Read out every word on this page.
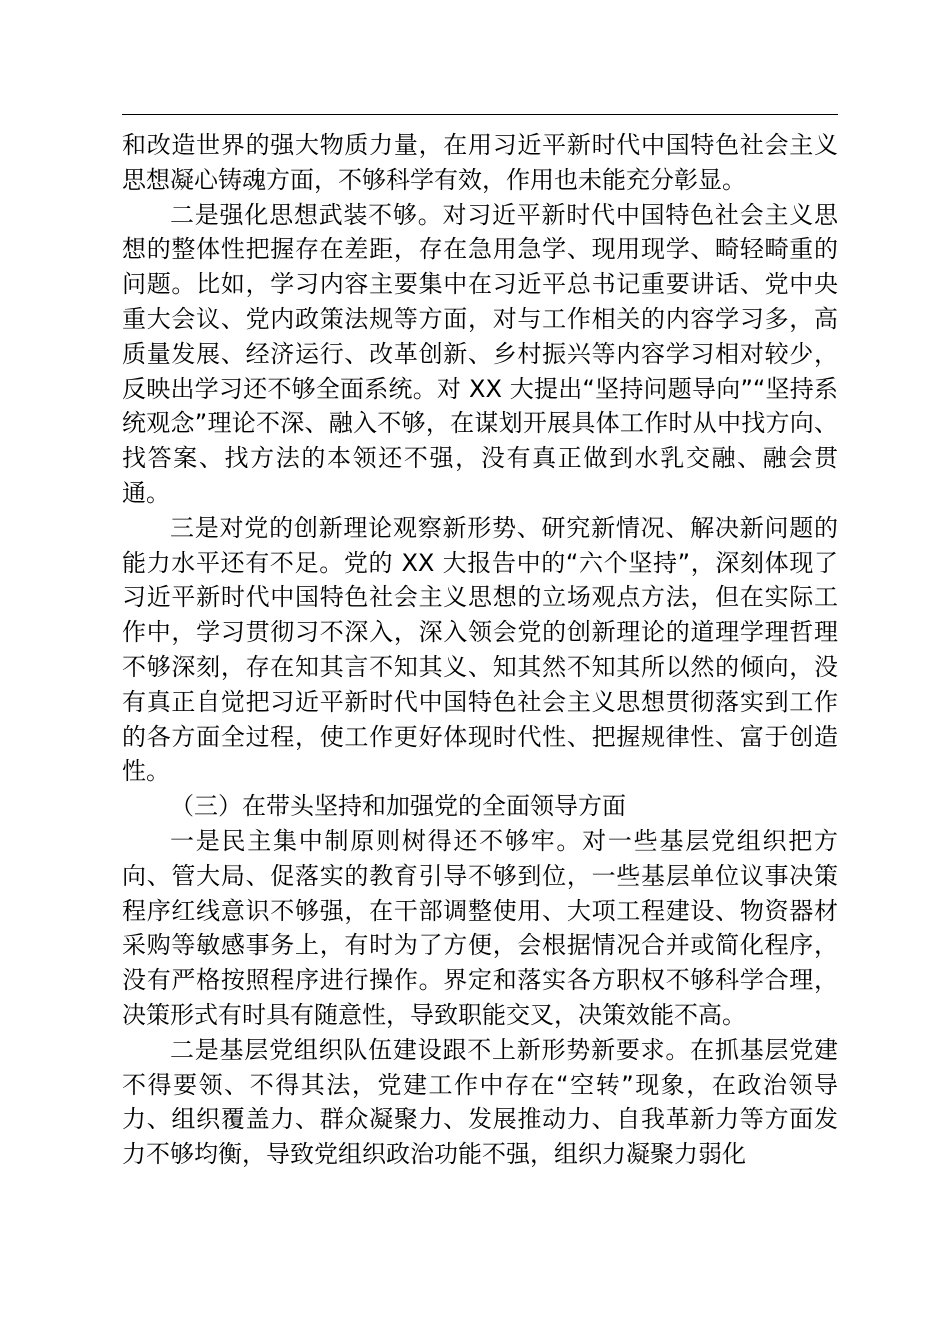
和改造世界的强大物质力量，在用习近平新时代中国特色社会主义思想凝心铸魂方面，不够科学有效，作用也未能充分彰显。

二是强化思想武装不够。对习近平新时代中国特色社会主义思想的整体性把握存在差距，存在急用急学、现用现学、畸轻畸重的问题。比如，学习内容主要集中在习近平总书记重要讲话、党中央重大会议、党内政策法规等方面，对与工作相关的内容学习多，高质量发展、经济运行、改革创新、乡村振兴等内容学习相对较少，反映出学习还不够全面系统。对 XX 大提出“坚持问题导向”“坚持系统观念”理论不深、融入不够，在谋划开展具体工作时从中找方向、找答案、找方法的本领还不强，没有真正做到水乳交融、融会贯通。

三是对党的创新理论观察新形势、研究新情况、解决新问题的能力水平还有不足。党的 XX 大报告中的“六个坚持”，深刻体现了习近平新时代中国特色社会主义思想的立场观点方法，但在实际工作中，学习贯彻习不深入，深入领会党的创新理论的道理学理哲理不够深刻，存在知其言不知其义、知其然不知其所以然的倾向，没有真正自觉把习近平新时代中国特色社会主义思想贯彻落实到工作的各方面全过程，使工作更好体现时代性、把握规律性、富于创造性。

（三）在带头坚持和加强党的全面领导方面

一是民主集中制原则树得还不够牢。对一些基层党组织把方向、管大局、促落实的教育引导不够到位，一些基层单位议事决策程序红线意识不够强，在干部调整使用、大项工程建设、物资器材采购等敏感事务上，有时为了方便，会根据情况合并或简化程序，没有严格按照程序进行操作。界定和落实各方职权不够科学合理，决策形式有时具有随意性，导致职能交叉，决策效能不高。

二是基层党组织队伍建设跟不上新形势新要求。在抓基层党建不得要领、不得其法，党建工作中存在“空转”现象，在政治领导力、组织覆盖力、群众凝聚力、发展推动力、自我革新力等方面发力不够均衡，导致党组织政治功能不强，组织力凝聚力弱化
